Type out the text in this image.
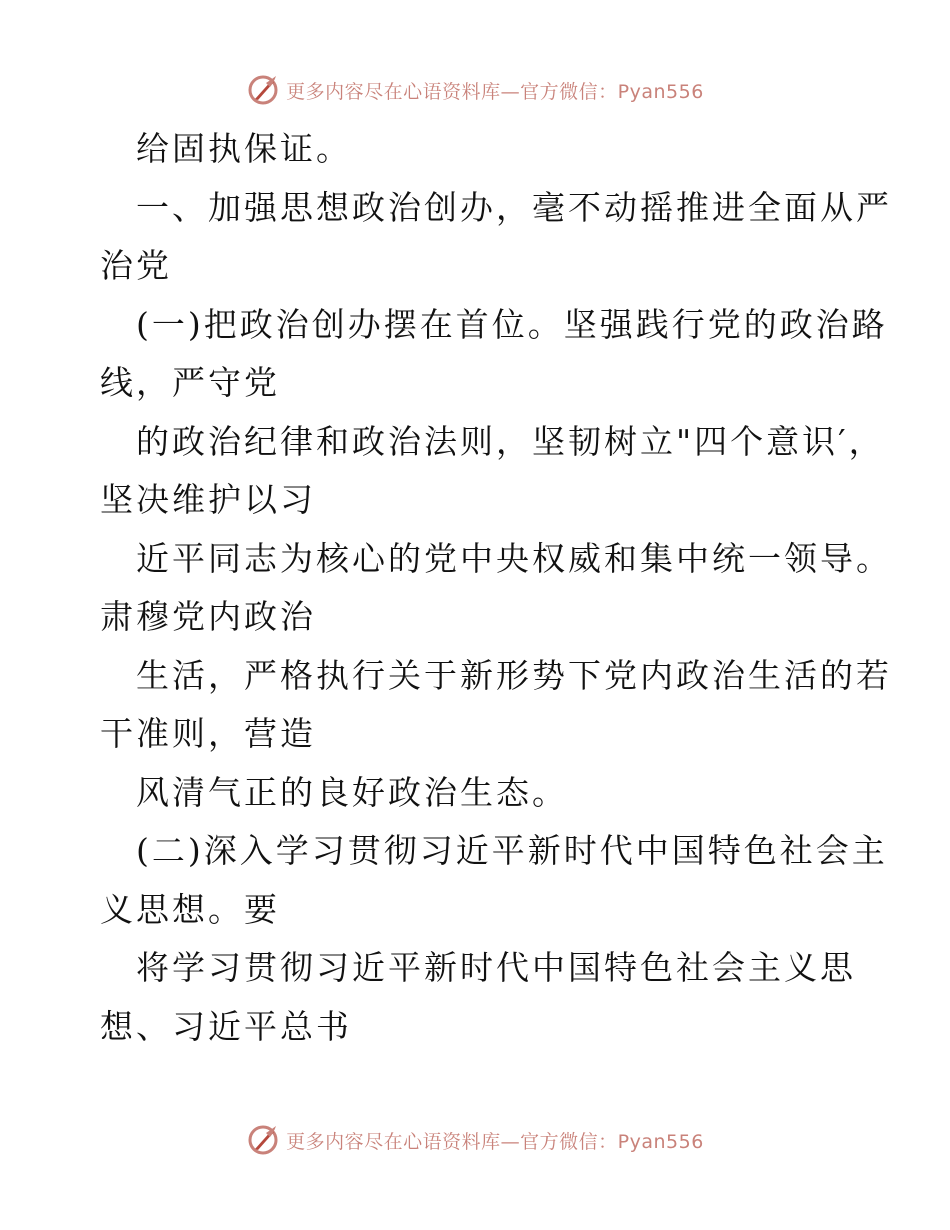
更多内容尽在心语资料库—官方微信：Pyan556
给固执保证。
一、加强思想政治创办，毫不动摇推进全面从严
治党
(一)把政治创办摆在首位。坚强践行党的政治路
线，严守党
的政治纪律和政治法则，坚韧树立"四个意识′，
坚决维护以习
近平同志为核心的党中央权威和集中统一领导。
肃穆党内政治
生活，严格执行关于新形势下党内政治生活的若
干准则，营造
风清气正的良好政治生态。
(二)深入学习贯彻习近平新时代中国特色社会主
义思想。要
将学习贯彻习近平新时代中国特色社会主义思
想、习近平总书
更多内容尽在心语资料库—官方微信：Pyan556
